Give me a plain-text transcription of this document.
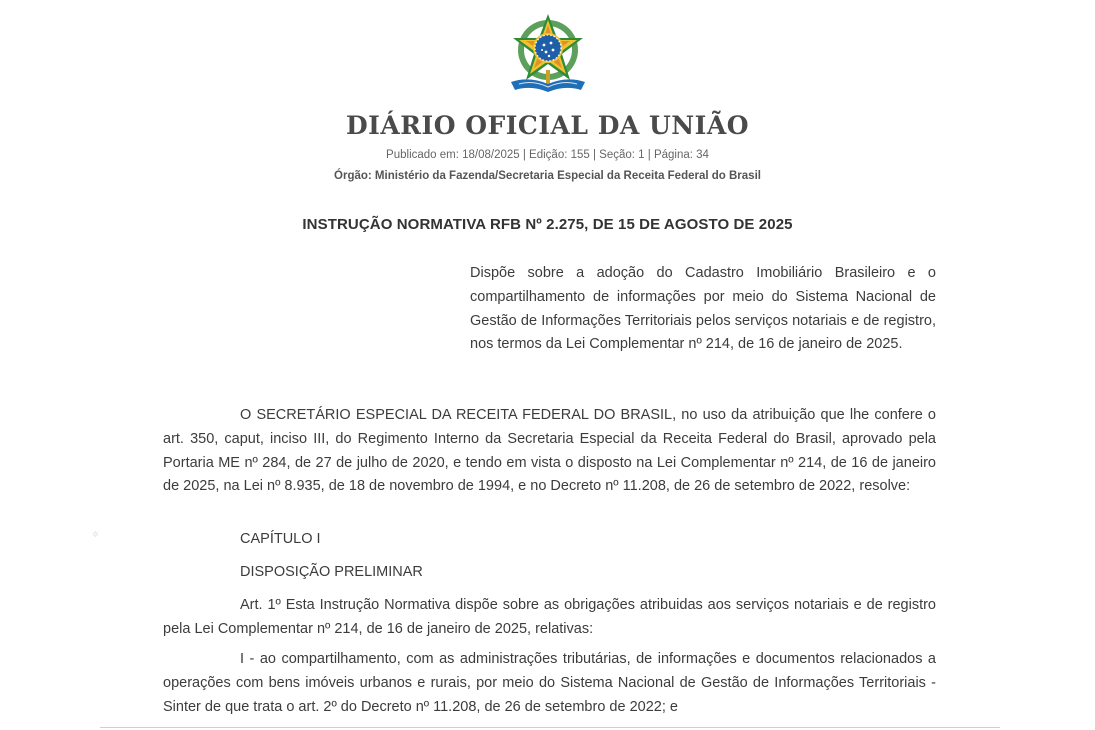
DIÁRIO OFICIAL DA UNIÃO
Publicado em: 18/08/2025 | Edição: 155 | Seção: 1 | Página: 34
Órgão: Ministério da Fazenda/Secretaria Especial da Receita Federal do Brasil
INSTRUÇÃO NORMATIVA RFB Nº 2.275, DE 15 DE AGOSTO DE 2025
Dispõe sobre a adoção do Cadastro Imobiliário Brasileiro e o compartilhamento de informações por meio do Sistema Nacional de Gestão de Informações Territoriais pelos serviços notariais e de registro, nos termos da Lei Complementar nº 214, de 16 de janeiro de 2025.
O SECRETÁRIO ESPECIAL DA RECEITA FEDERAL DO BRASIL, no uso da atribuição que lhe confere o art. 350, caput, inciso III, do Regimento Interno da Secretaria Especial da Receita Federal do Brasil, aprovado pela Portaria ME nº 284, de 27 de julho de 2020, e tendo em vista o disposto na Lei Complementar nº 214, de 16 de janeiro de 2025, na Lei nº 8.935, de 18 de novembro de 1994, e no Decreto nº 11.208, de 26 de setembro de 2022, resolve:
✲	CAPÍTULO I
DISPOSIÇÃO PRELIMINAR
Art. 1º Esta Instrução Normativa dispõe sobre as obrigações atribuidas aos serviços notariais e de registro pela Lei Complementar nº 214, de 16 de janeiro de 2025, relativas:
I - ao compartilhamento, com as administrações tributárias, de informações e documentos relacionados a operações com bens imóveis urbanos e rurais, por meio do Sistema Nacional de Gestão de Informações Territoriais - Sinter de que trata o art. 2º do Decreto nº 11.208, de 26 de setembro de 2022; e
